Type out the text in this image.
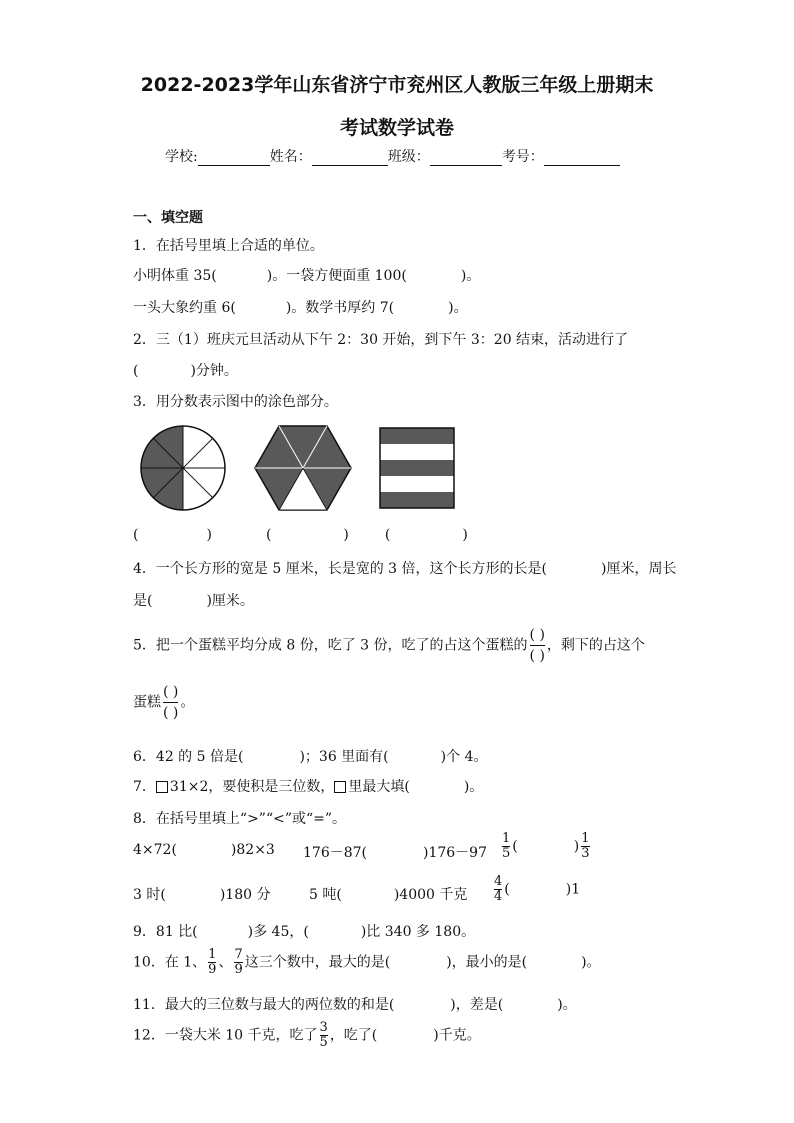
2022-2023学年山东省济宁市兖州区人教版三年级上册期末
考试数学试卷
学校:	姓名：	班级：	考号：
一、填空题
1．在括号里填上合适的单位。
小明体重 35(	)。一袋方便面重 100(	)。
一头大象约重 6(	)。数学书厚约 7(	)。
2．三（1）班庆元旦活动从下午 2：30 开始，到下午 3：20 结束，活动进行了
(	)分钟。
3．用分数表示图中的涂色部分。
(	)	(	)	(	)
4．一个长方形的宽是 5 厘米，长是宽的 3 倍，这个长方形的长是(	)厘米，周长
是(	)厘米。
5．把一个蛋糕平均分成 8 份，吃了 3 份，吃了的占这个蛋糕的 $\frac{( )}{( )}$ ，剩下的占这个
蛋糕 $\frac{( )}{( )}$ 。
6．42 的 5 倍是(	)；36 里面有(	)个 4。
7． 31×2，要使积是三位数， 里最大填(	)。
8．在括号里填上“>”“<”或“=”。
4×72(	)82×3 176－87(	)$176-97 \frac{1}{5}$ (	) $\frac{1}{3}$
3 时(	)180 分	5 吨(	)4000 千克 $\frac{4}{4}$ (	)1
9．81 比(	)多 45，(	)比 340 多 180。
10．在 1、 $\frac{1}{9}$ 、 $\frac{7}{9}$ 这三个数中，最大的是(	)，最小的是(	)。
11．最大的三位数与最大的两位数的和是(	)，差是(	)。
12．一袋大米 10 千克，吃了 $\frac{3}{5}$ ，吃了(	)千克。
